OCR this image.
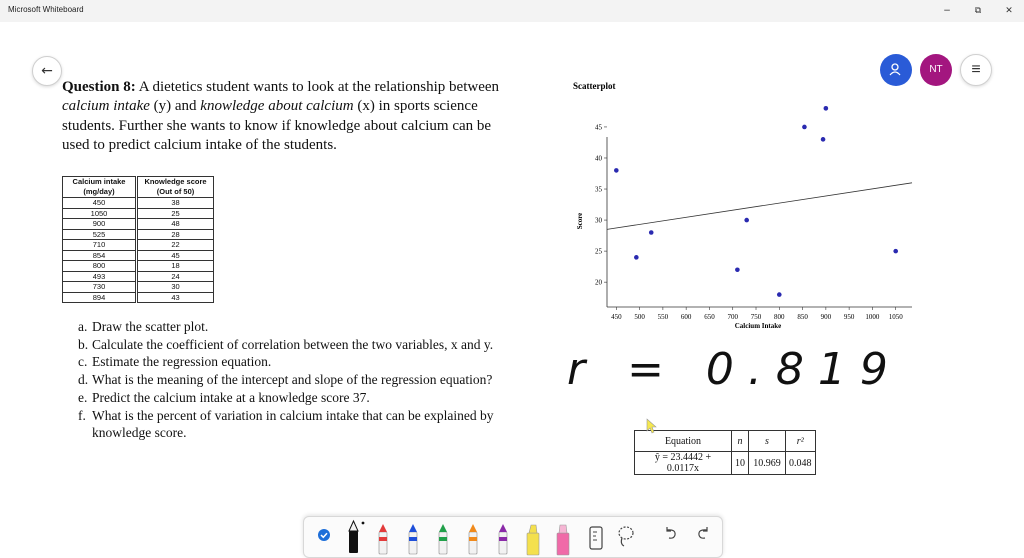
Microsoft Whiteboard	−	⧉	✕
←	NT	≡
Question 8: A dietetics student wants to look at the relationship between calcium intake (y) and knowledge about calcium (x) in sports science students. Further she wants to know if knowledge about calcium can be used to predict calcium intake of the students.
Calcium intake
(mg/day)	Knowledge score
(Out of 50)
450	38
1050	25
900	48
525	28
710	22
854	45
800	18
493	24
730	30
894	43
a. Draw the scatter plot.
b. Calculate the coefficient of correlation between the two variables, x and y.
c. Estimate the regression equation.
d. What is the meaning of the intercept and slope of the regression equation?
e. Predict the calcium intake at a knowledge score 37.
f. What is the percent of variation in calcium intake that can be explained by knowledge score.
Scatterplot
Score
Calcium Intake
450 500 550 600 650 700 750 800 850 900 950 1000 1050
20
25
30
35
40
45
r = 0.819
Equation	n	s	r²
ŷ = 23.4442 + 0.0117x	10	10.969	0.048
